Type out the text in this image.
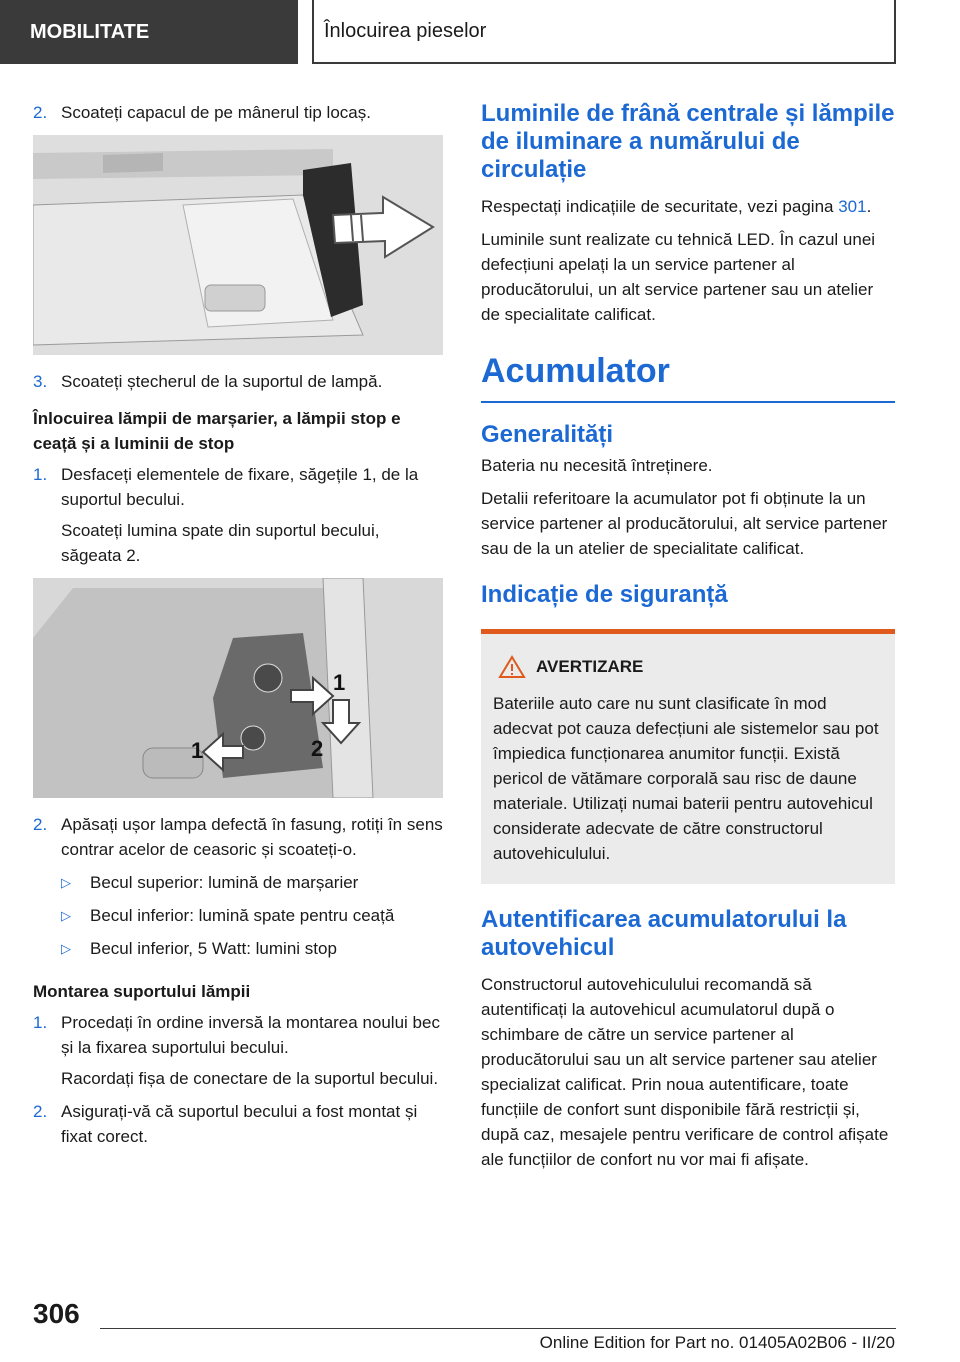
MOBILITATE	Înlocuirea pieselor
2. Scoateți capacul de pe mânerul tip locaș.
3. Scoateți ștecherul de la suportul de lampă.
Înlocuirea lămpii de marșarier, a lămpii stop e ceață și a luminii de stop
1. Desfaceți elementele de fixare, săgețile 1, de la suportul becului.
Scoateți lumina spate din suportul becului, săgeata 2.
1
1	2
2. Apăsați ușor lampa defectă în fasung, rotiți în sens contrar acelor de ceasoric și scoateți-o.
▷	Becul superior: lumină de marșarier
▷	Becul inferior: lumină spate pentru ceață
▷	Becul inferior, 5 Watt: lumini stop
Montarea suportului lămpii
1. Procedați în ordine inversă la montarea noului bec și la fixarea suportului becului.
Racordați fișa de conectare de la suportul becului.
2. Asigurați-vă că suportul becului a fost montat și fixat corect.
Luminile de frână centrale și lămpile de iluminare a numărului de circulație
Respectați indicațiile de securitate, vezi pagina 301.
Luminile sunt realizate cu tehnică LED. În cazul unei defecțiuni apelați la un service partener al producătorului, un alt service partener sau un atelier de specialitate calificat.
Acumulator
Generalități
Bateria nu necesită întreținere.
Detalii referitoare la acumulator pot fi obținute la un service partener al producătorului, alt service partener sau de la un atelier de specialitate calificat.
Indicație de siguranță
AVERTIZARE
Bateriile auto care nu sunt clasificate în mod adecvat pot cauza defecțiuni ale sistemelor sau pot împiedica funcționarea anumitor funcții. Există pericol de vătămare corporală sau risc de daune materiale. Utilizați numai baterii pentru autovehicul considerate adecvate de către constructorul autovehiculului.
Autentificarea acumulatorului la autovehicul
Constructorul autovehiculului recomandă să autentificați la autovehicul acumulatorul după o schimbare de către un service partener al producătorului sau un alt service partener sau atelier specializat calificat. Prin noua autentificare, toate funcțiile de confort sunt disponibile fără restricții și, după caz, mesajele pentru verificare de control afișate ale funcțiilor de confort nu vor mai fi afișate.
306
Online Edition for Part no. 01405A02B06 - II/20
